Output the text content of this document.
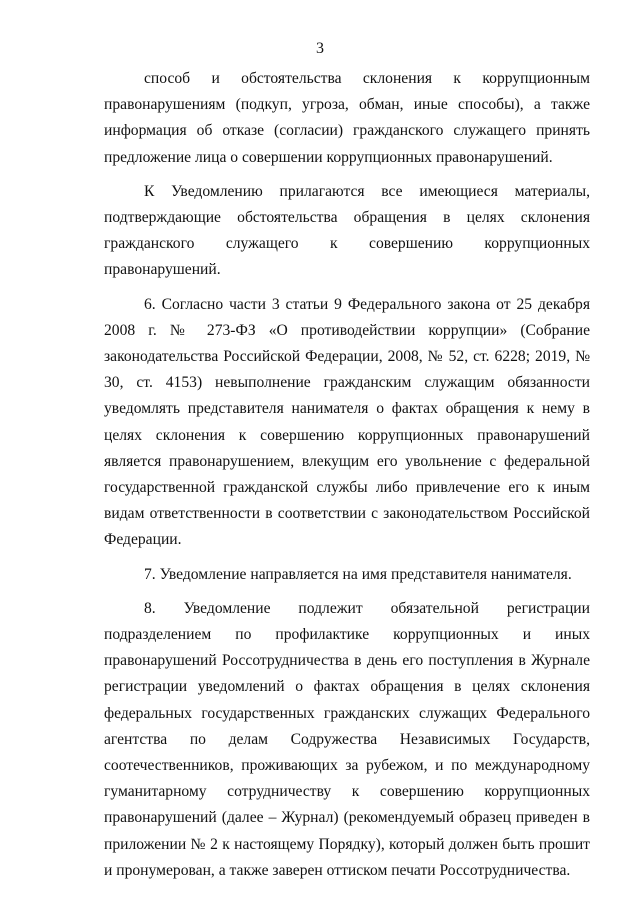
3

способ и обстоятельства склонения к коррупционным правонарушениям (подкуп, угроза, обман, иные способы), а также информация об отказе (согласии) гражданского служащего принять предложение лица о совершении коррупционных правонарушений.

К Уведомлению прилагаются все имеющиеся материалы, подтверждающие обстоятельства обращения в целях склонения гражданского служащего к совершению коррупционных правонарушений.

6. Согласно части 3 статьи 9 Федерального закона от 25 декабря 2008 г. № 273-ФЗ «О противодействии коррупции» (Собрание законодательства Российской Федерации, 2008, № 52, ст. 6228; 2019, № 30, ст. 4153) невыполнение гражданским служащим обязанности уведомлять представителя нанимателя о фактах обращения к нему в целях склонения к совершению коррупционных правонарушений является правонарушением, влекущим его увольнение с федеральной государственной гражданской службы либо привлечение его к иным видам ответственности в соответствии с законодательством Российской Федерации.

7. Уведомление направляется на имя представителя нанимателя.

8. Уведомление подлежит обязательной регистрации подразделением по профилактике коррупционных и иных правонарушений Россотрудничества в день его поступления в Журнале регистрации уведомлений о фактах обращения в целях склонения федеральных государственных гражданских служащих Федерального агентства по делам Содружества Независимых Государств, соотечественников, проживающих за рубежом, и по международному гуманитарному сотрудничеству к совершению коррупционных правонарушений (далее – Журнал) (рекомендуемый образец приведен в приложении № 2 к настоящему Порядку), который должен быть прошит и пронумерован, а также заверен оттиском печати Россотрудничества.
